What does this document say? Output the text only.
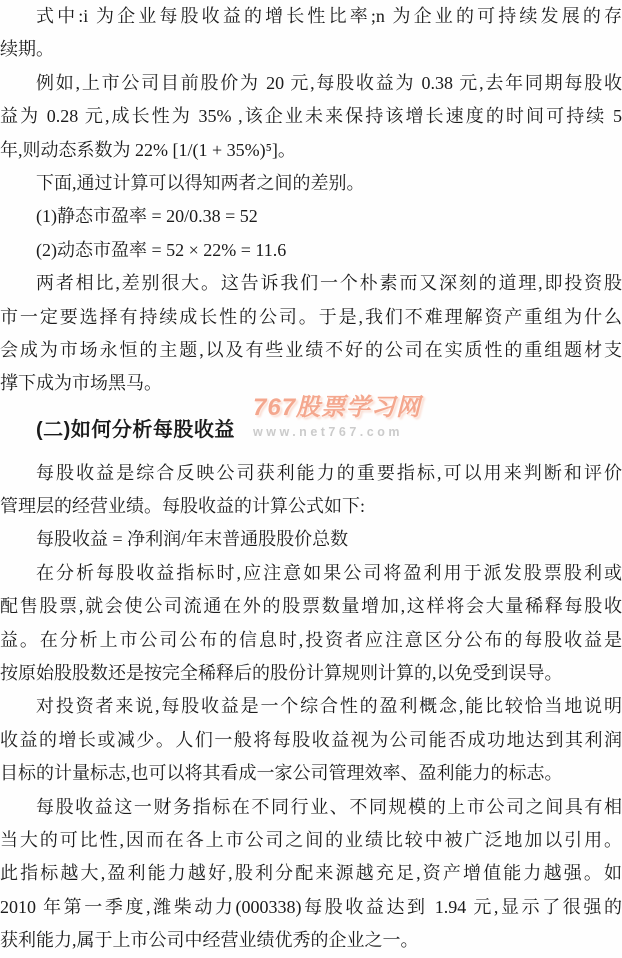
767股票学习网
www.net767.com
式中:i 为企业每股收益的增长性比率;n 为企业的可持续发展的存
续期。
例如,上市公司目前股价为 20 元,每股收益为 0.38 元,去年同期每股收
益为 0.28 元,成长性为 35% ,该企业未来保持该增长速度的时间可持续 5
年,则动态系数为 22% [1/(1 + 35%)⁵]。
下面,通过计算可以得知两者之间的差别。
(1)静态市盈率 = 20/0.38 = 52
(2)动态市盈率 = 52 × 22% = 11.6
两者相比,差别很大。这告诉我们一个朴素而又深刻的道理,即投资股
市一定要选择有持续成长性的公司。于是,我们不难理解资产重组为什么
会成为市场永恒的主题,以及有些业绩不好的公司在实质性的重组题材支
撑下成为市场黑马。
(二)如何分析每股收益
每股收益是综合反映公司获利能力的重要指标,可以用来判断和评价
管理层的经营业绩。每股收益的计算公式如下:
每股收益 = 净利润/年末普通股股价总数
在分析每股收益指标时,应注意如果公司将盈利用于派发股票股利或
配售股票,就会使公司流通在外的股票数量增加,这样将会大量稀释每股收
益。在分析上市公司公布的信息时,投资者应注意区分公布的每股收益是
按原始股股数还是按完全稀释后的股份计算规则计算的,以免受到误导。
对投资者来说,每股收益是一个综合性的盈利概念,能比较恰当地说明
收益的增长或减少。人们一般将每股收益视为公司能否成功地达到其利润
目标的计量标志,也可以将其看成一家公司管理效率、盈利能力的标志。
每股收益这一财务指标在不同行业、不同规模的上市公司之间具有相
当大的可比性,因而在各上市公司之间的业绩比较中被广泛地加以引用。
此指标越大,盈利能力越好,股利分配来源越充足,资产增值能力越强。如
2010 年第一季度,潍柴动力(000338)每股收益达到 1.94 元,显示了很强的
获利能力,属于上市公司中经营业绩优秀的企业之一。
